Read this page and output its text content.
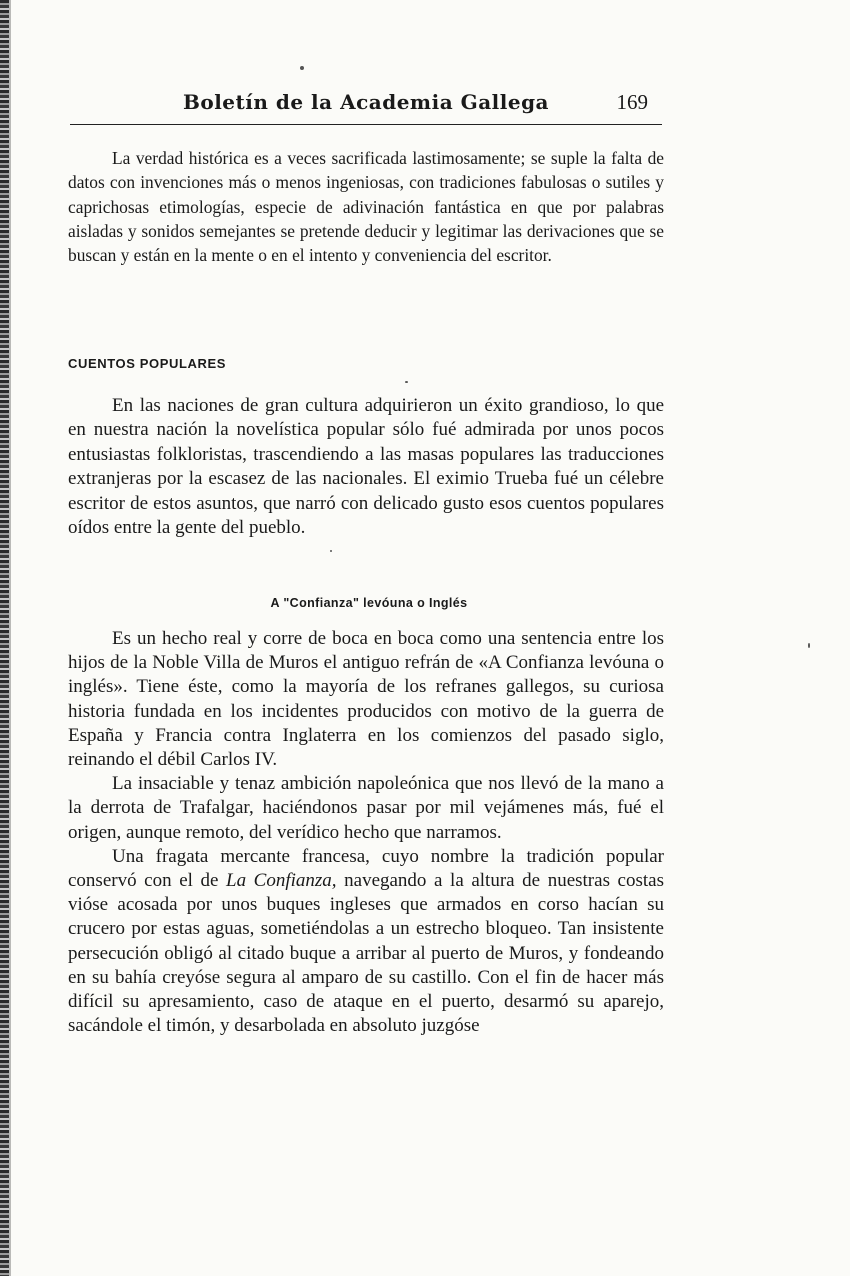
Boletín de la Academia Gallega	169

La verdad histórica es a veces sacrificada lastimosamente; se suple la falta de datos con invenciones más o menos ingeniosas, con tradiciones fabulosas o sutiles y caprichosas etimologías, especie de adivinación fantástica en que por palabras aisladas y sonidos semejantes se pretende deducir y legitimar las derivaciones que se buscan y están en la mente o en el intento y conveniencia del escritor.

CUENTOS POPULARES

En las naciones de gran cultura adquirieron un éxito grandioso, lo que en nuestra nación la novelística popular sólo fué admirada por unos pocos entusiastas folkloristas, trascendiendo a las masas populares las traducciones extranjeras por la escasez de las nacionales. El eximio Trueba fué un célebre escritor de estos asuntos, que narró con delicado gusto esos cuentos populares oídos entre la gente del pueblo.

A "Confianza" levóuna o Inglés

Es un hecho real y corre de boca en boca como una sentencia entre los hijos de la Noble Villa de Muros el antiguo refrán de «A Confianza levóuna o inglés». Tiene éste, como la mayoría de los refranes gallegos, su curiosa historia fundada en los incidentes producidos con motivo de la guerra de España y Francia contra Inglaterra en los comienzos del pasado siglo, reinando el débil Carlos IV.

La insaciable y tenaz ambición napoleónica que nos llevó de la mano a la derrota de Trafalgar, haciéndonos pasar por mil vejámenes más, fué el origen, aunque remoto, del verídico hecho que narramos.

Una fragata mercante francesa, cuyo nombre la tradición popular conservó con el de La Confianza, navegando a la altura de nuestras costas vióse acosada por unos buques ingleses que armados en corso hacían su crucero por estas aguas, sometiéndolas a un estrecho bloqueo. Tan insistente persecución obligó al citado buque a arribar al puerto de Muros, y fondeando en su bahía creyóse segura al amparo de su castillo. Con el fin de hacer más difícil su apresamiento, caso de ataque en el puerto, desarmó su aparejo, sacándole el timón, y desarbolada en absoluto juzgóse
